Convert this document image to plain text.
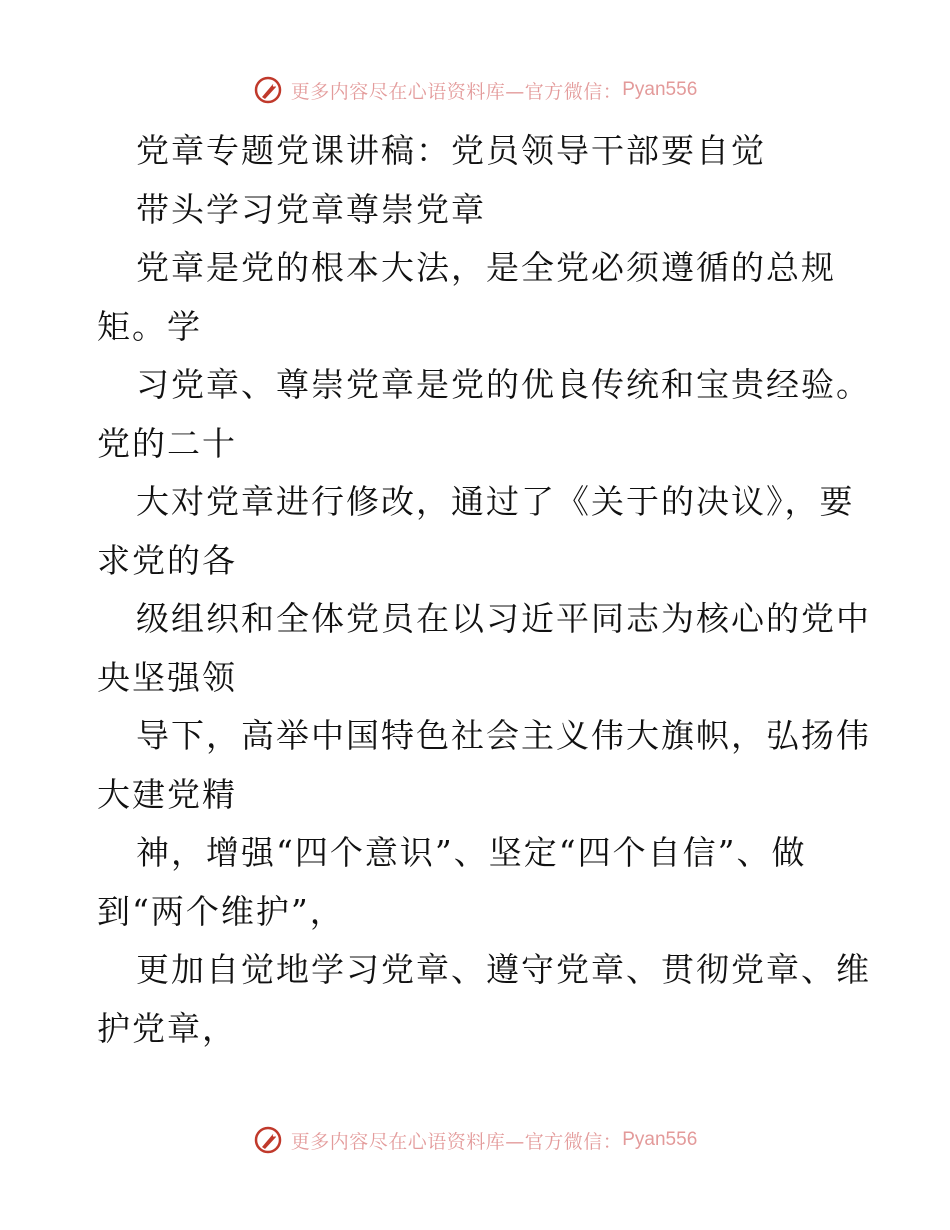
更多内容尽在心语资料库—官方微信： Pyan556
党章专题党课讲稿：党员领导干部要自觉
带头学习党章尊崇党章
党章是党的根本大法，是全党必须遵循的总规
矩。学
习党章、尊崇党章是党的优良传统和宝贵经验。
党的二十
大对党章进行修改，通过了《关于的决议》，要
求党的各
级组织和全体党员在以习近平同志为核心的党中
央坚强领
导下，高举中国特色社会主义伟大旗帜，弘扬伟
大建党精
神，增强“四个意识”、坚定“四个自信”、做
到“两个维护”，
更加自觉地学习党章、遵守党章、贯彻党章、维
护党章，
更多内容尽在心语资料库—官方微信： Pyan556
